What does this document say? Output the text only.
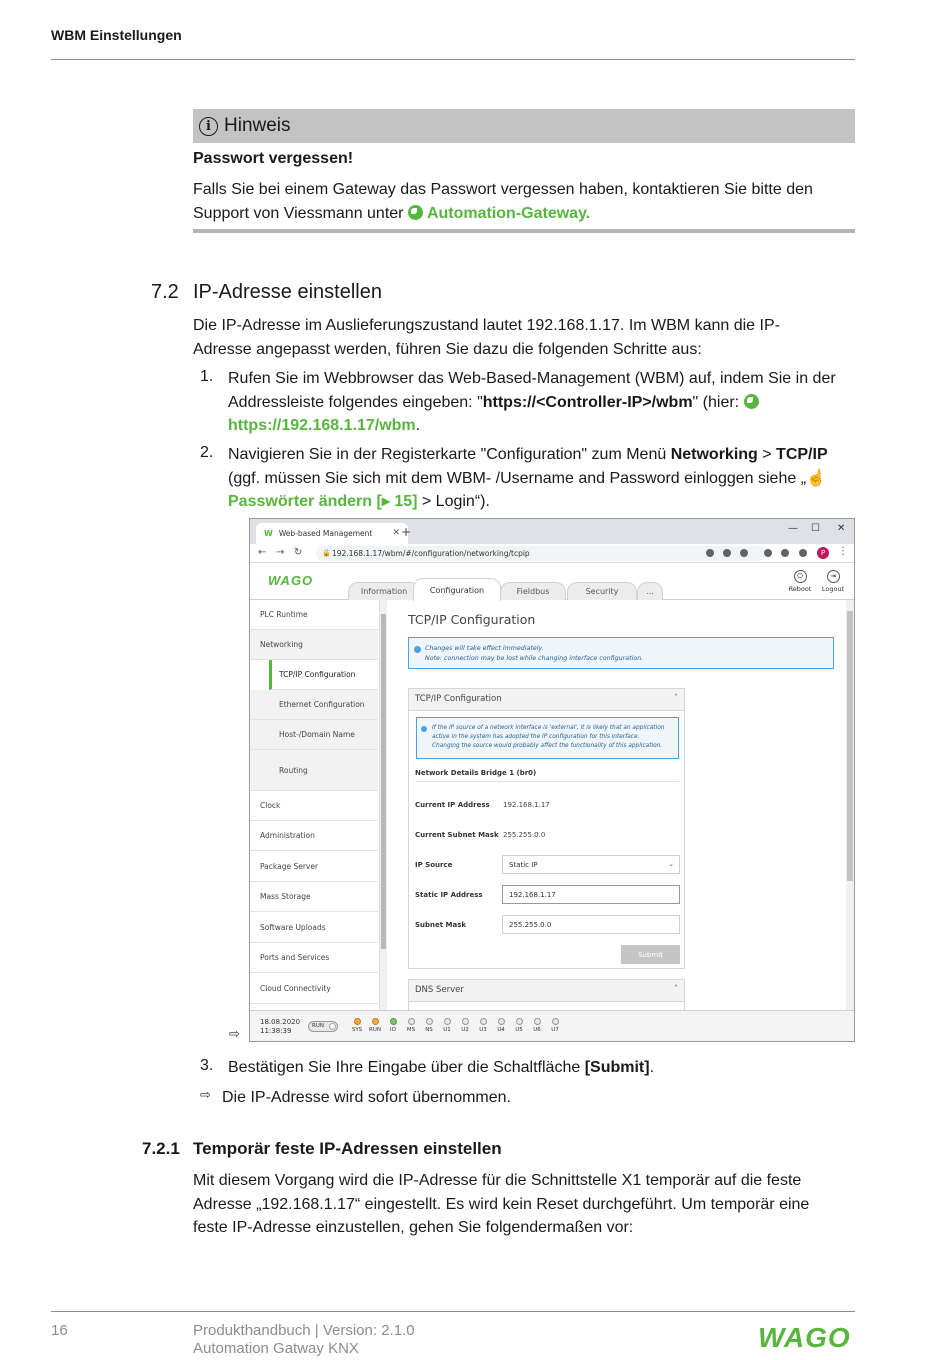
WBM Einstellungen
i Hinweis
Passwort vergessen!
Falls Sie bei einem Gateway das Passwort vergessen haben, kontaktieren Sie bitte den Support von Viessmann unter Automation-Gateway.
7.2 IP-Adresse einstellen
Die IP-Adresse im Auslieferungszustand lautet 192.168.1.17. Im WBM kann die IP-Adresse angepasst werden, führen Sie dazu die folgenden Schritte aus:
1. Rufen Sie im Webbrowser das Web-Based-Management (WBM) auf, indem Sie in der Addressleiste folgendes eingeben: "https://<Controller-IP>/wbm" (hier: https://192.168.1.17/wbm.
2. Navigieren Sie in der Registerkarte "Configuration" zum Menü Networking > TCP/IP (ggf. müssen Sie sich mit dem WBM- /Username and Password einloggen siehe „☝ Passwörter ändern [▸ 15] > Login“).
⇨
W Web-based Management ✕ +	— ☐ ✕
← → ↻	🔒 192.168.1.17/wbm/#/configuration/networking/tcpip	P	⋮
WAGO
Information	Configuration	Fieldbus	Security	...
⏻
Reboot
⇥
Logout
PLC Runtime
Networking
TCP/IP Configuration
Ethernet Configuration
Host-/Domain Name
Routing
Clock
Administration
Package Server
Mass Storage
Software Uploads
Ports and Services
Cloud Connectivity
TCP/IP Configuration
Changes will take effect immediately.
Note: connection may be lost while changing interface configuration.
TCP/IP Configuration	˄
If the IP source of a network interface is 'external', it is likely that an application
active in the system has adopted the IP configuration for this interface.
Changing the source would probably affect the functionality of this application.
Network Details Bridge 1 (br0)
Current IP Address 192.168.1.17
Current Subnet Mask 255.255.0.0
IP Source	Static IP	⌄
Static IP Address	192.168.1.17
Subnet Mask	255.255.0.0
Submit
DNS Server	˄
18.08.2020
11:38:39
RUN
SYS	RUN	IO	MS	NS	U1	U2	U3	U4	U5	U6	U7
3. Bestätigen Sie Ihre Eingabe über die Schaltfläche [Submit].
⇨ Die IP-Adresse wird sofort übernommen.
7.2.1 Temporär feste IP-Adressen einstellen
Mit diesem Vorgang wird die IP-Adresse für die Schnittstelle X1 temporär auf die feste Adresse „192.168.1.17“ eingestellt. Es wird kein Reset durchgeführt. Um temporär eine feste IP-Adresse einzustellen, gehen Sie folgendermaßen vor:
16	Produkthandbuch | Version: 2.1.0
Automation Gatway KNX	WAGO
